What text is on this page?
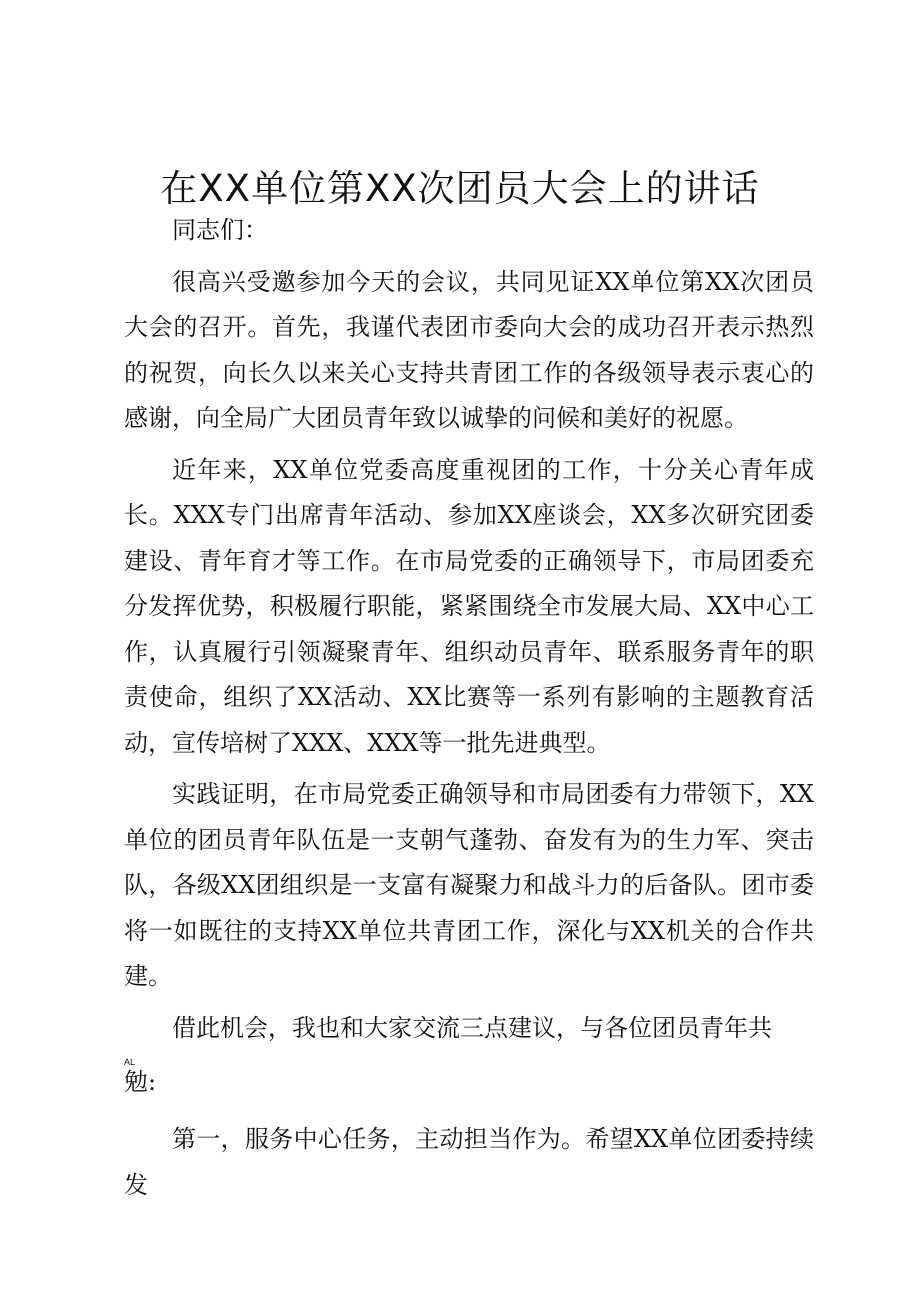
在XX单位第XX次团员大会上的讲话

同志们：

很高兴受邀参加今天的会议，共同见证XX单位第XX次团员大会的召开。首先，我谨代表团市委向大会的成功召开表示热烈的祝贺，向长久以来关心支持共青团工作的各级领导表示衷心的感谢，向全局广大团员青年致以诚挚的问候和美好的祝愿。

近年来，XX单位党委高度重视团的工作，十分关心青年成长。XXX专门出席青年活动、参加XX座谈会，XX多次研究团委建设、青年育才等工作。在市局党委的正确领导下，市局团委充分发挥优势，积极履行职能，紧紧围绕全市发展大局、XX中心工作，认真履行引领凝聚青年、组织动员青年、联系服务青年的职责使命，组织了XX活动、XX比赛等一系列有影响的主题教育活动，宣传培树了XXX、XXX等一批先进典型。

实践证明，在市局党委正确领导和市局团委有力带领下，XX单位的团员青年队伍是一支朝气蓬勃、奋发有为的生力军、突击队，各级XX团组织是一支富有凝聚力和战斗力的后备队。团市委将一如既往的支持XX单位共青团工作，深化与XX机关的合作共建。

借此机会，我也和大家交流三点建议，与各位团员青年共

AL
勉:

第一，服务中心任务，主动担当作为。希望XX单位团委持续发
